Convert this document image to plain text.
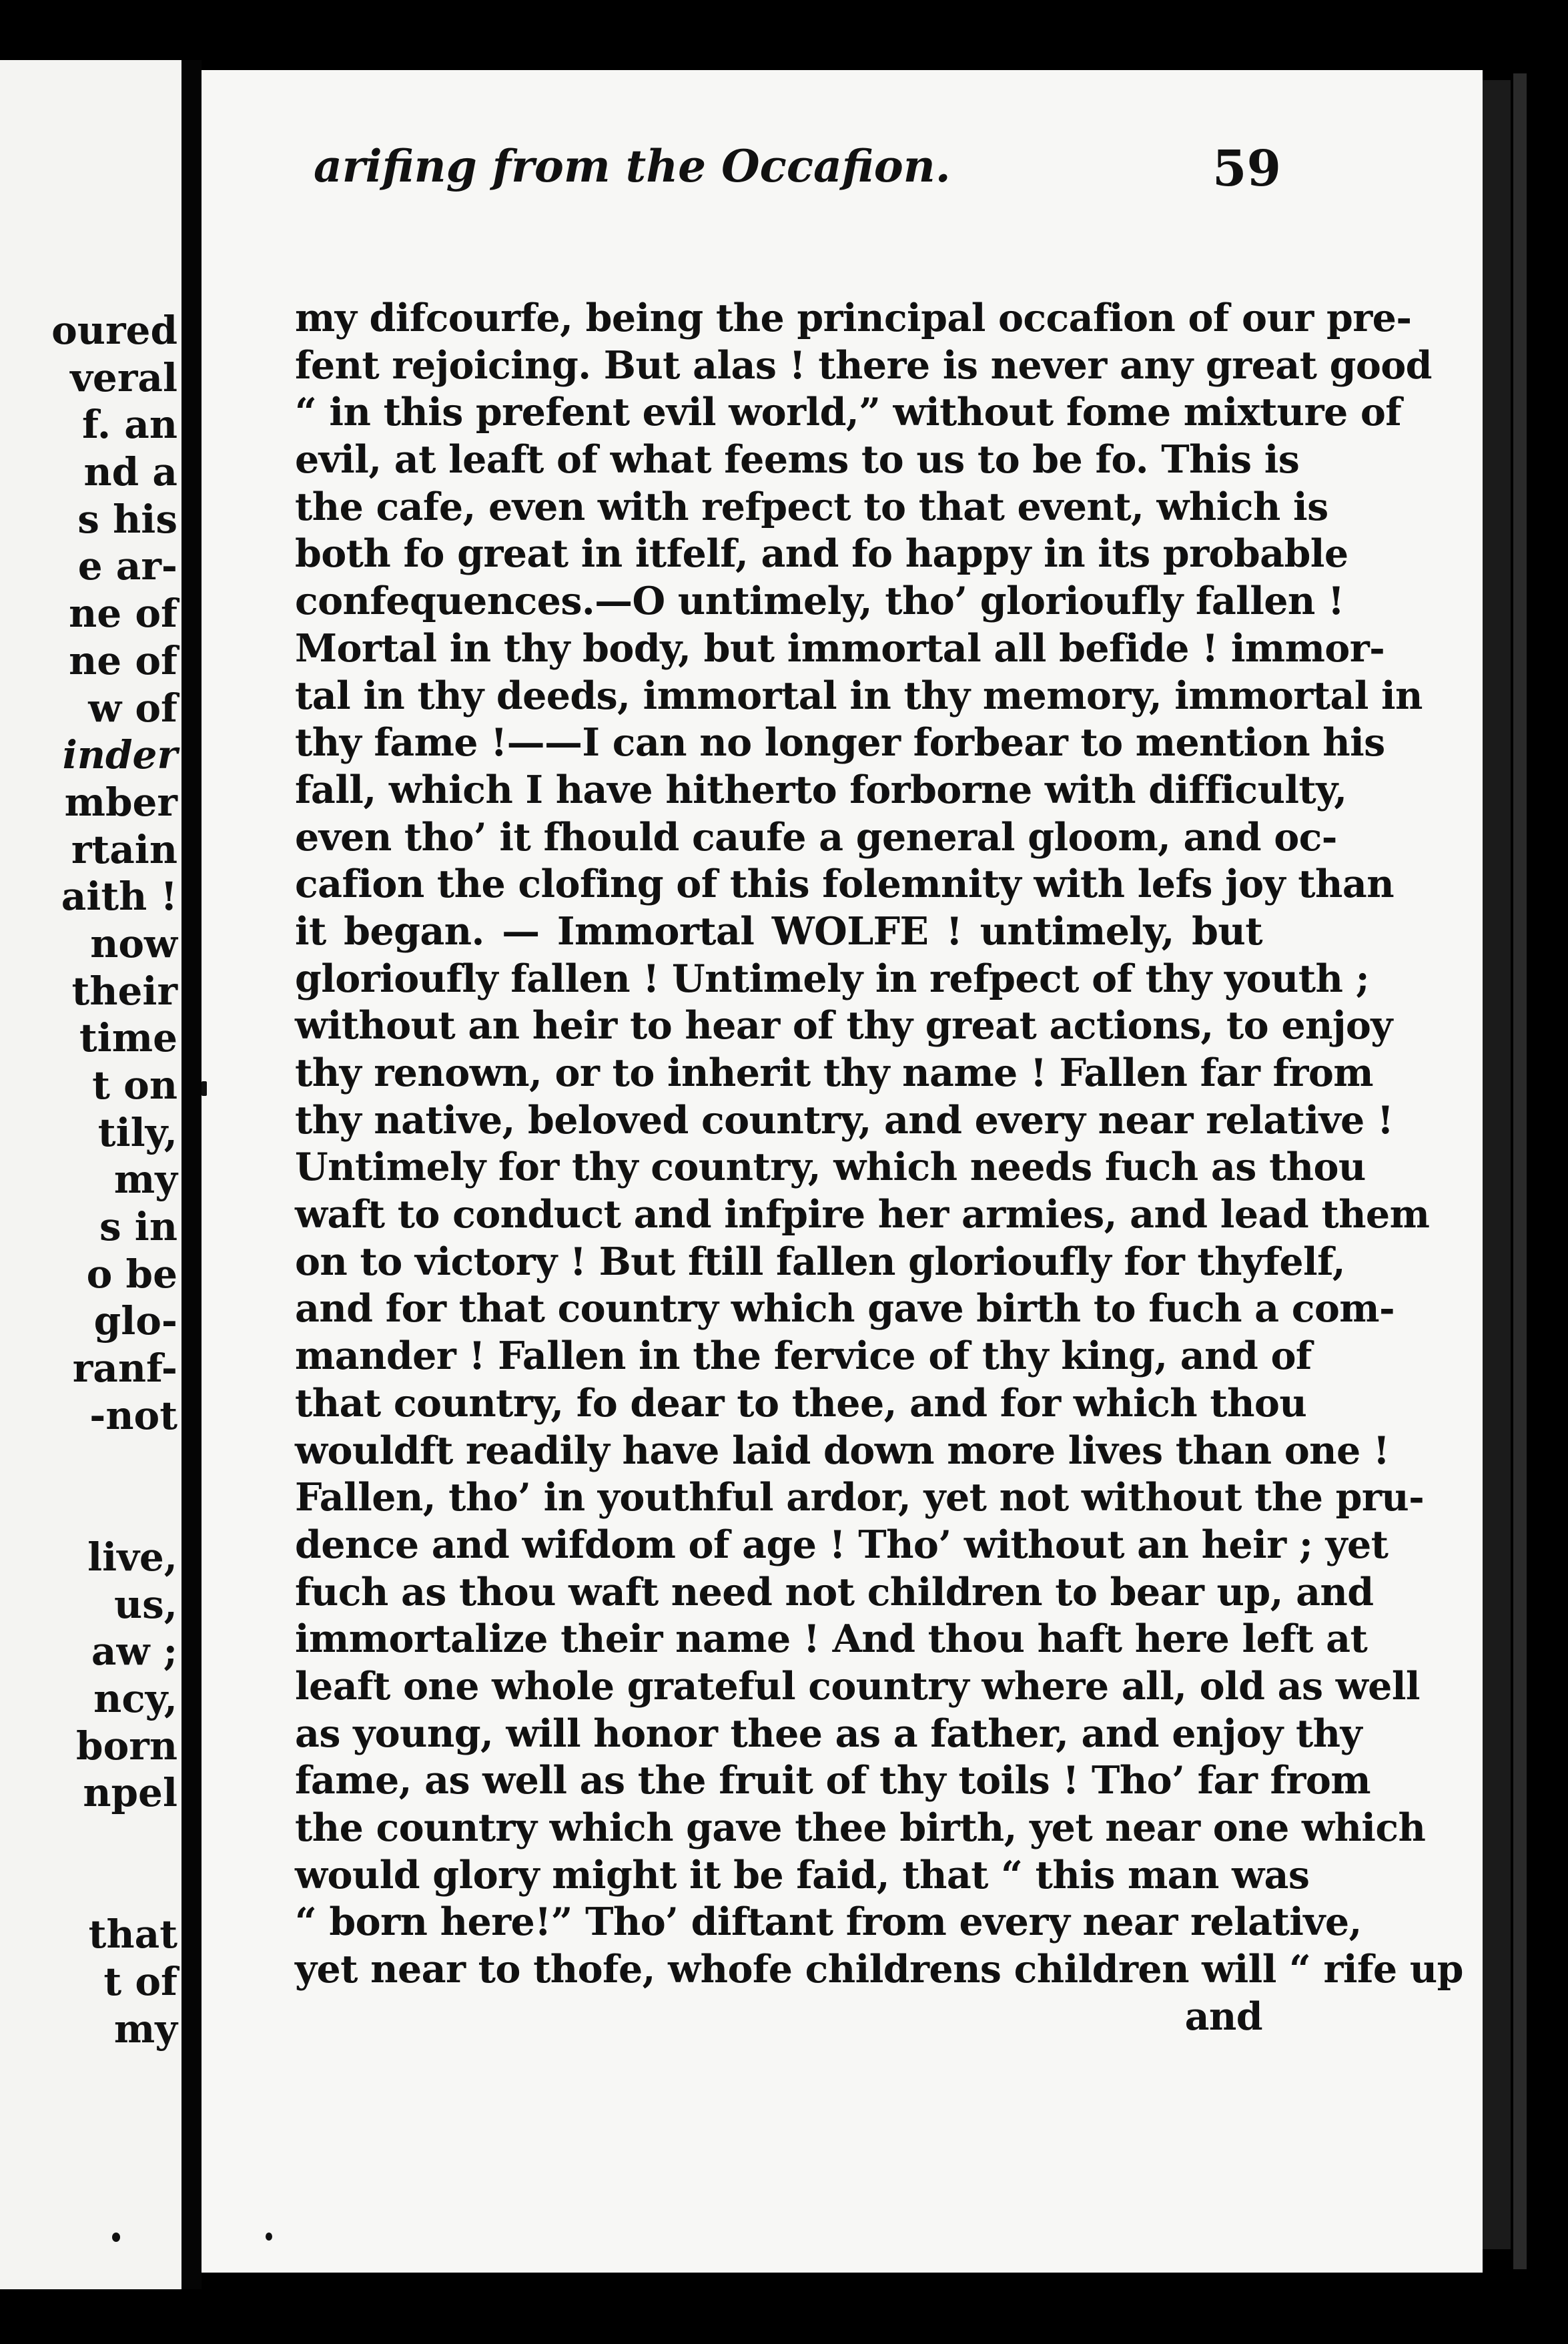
oured
veral
f. an
nd a
s his
e ar-
ne of
ne of
w of
inder
mber
rtain
aith !
now
their
time
t on
tily,
my
s in
o be
glo-
ranf-
-not
live,
us,
aw ;
ncy,
born
npel
that
t of
my
arifing from the Occafion.	59
my difcourfe, being the principal occafion of our pre-
fent rejoicing. But alas ! there is never any great good
“ in this prefent evil world,” without fome mixture of
evil, at leaft of what feems to us to be fo. This is
the cafe, even with refpect to that event, which is
both fo great in itfelf, and fo happy in its probable
confequences.—O untimely, tho’ glorioufly fallen !
Mortal in thy body, but immortal all befide ! immor-
tal in thy deeds, immortal in thy memory, immortal in
thy fame !——I can no longer forbear to mention his
fall, which I have hitherto forborne with difficulty,
even tho’ it fhould caufe a general gloom, and oc-
cafion the clofing of this folemnity with lefs joy than
it began. — Immortal WOLFE ! untimely, but
glorioufly fallen ! Untimely in refpect of thy youth ;
without an heir to hear of thy great actions, to enjoy
thy renown, or to inherit thy name ! Fallen far from
thy native, beloved country, and every near relative !
Untimely for thy country, which needs fuch as thou
waft to conduct and infpire her armies, and lead them
on to victory ! But ftill fallen glorioufly for thyfelf,
and for that country which gave birth to fuch a com-
mander ! Fallen in the fervice of thy king, and of
that country, fo dear to thee, and for which thou
wouldft readily have laid down more lives than one !
Fallen, tho’ in youthful ardor, yet not without the pru-
dence and wifdom of age ! Tho’ without an heir ; yet
fuch as thou waft need not children to bear up, and
immortalize their name ! And thou haft here left at
leaft one whole grateful country where all, old as well
as young, will honor thee as a father, and enjoy thy
fame, as well as the fruit of thy toils ! Tho’ far from
the country which gave thee birth, yet near one which
would glory might it be faid, that “ this man was
“ born here!” Tho’ diftant from every near relative,
yet near to thofe, whofe childrens children will “ rife up
and
